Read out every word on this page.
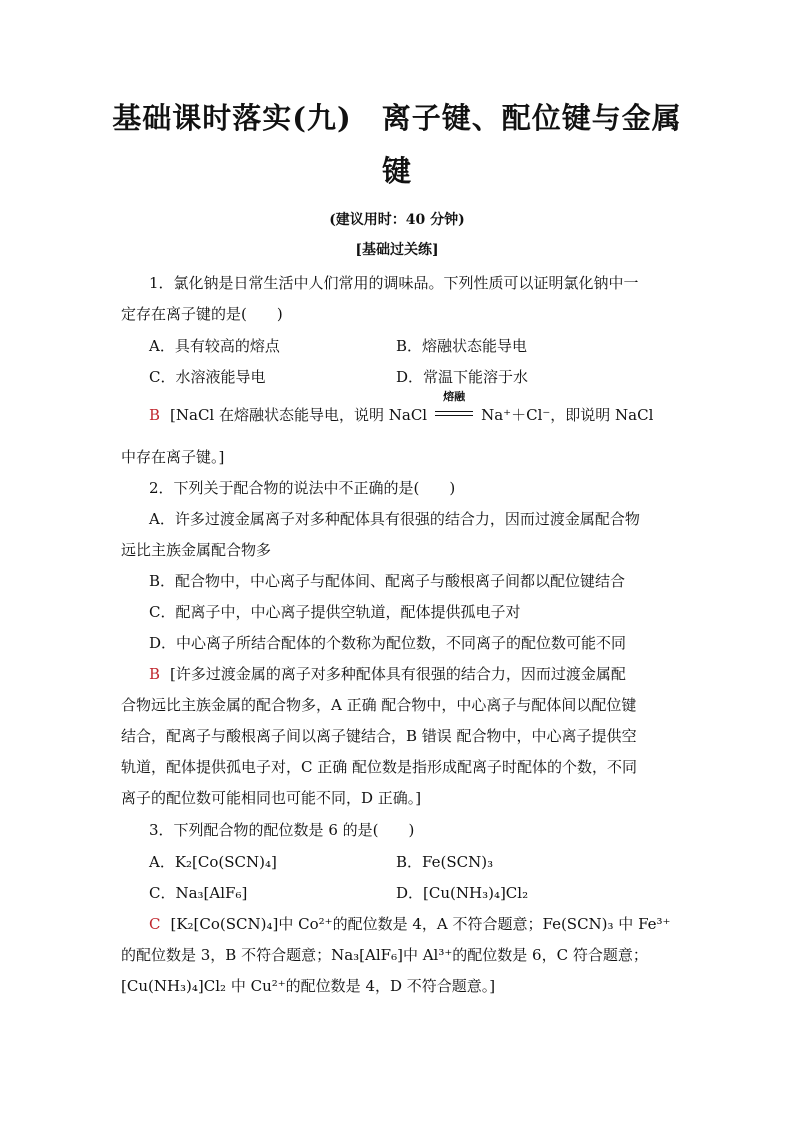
基础课时落实(九)　离子键、配位键与金属键
(建议用时：40 分钟)
[基础过关练]
1．氯化钠是日常生活中人们常用的调味品。下列性质可以证明氯化钠中一
定存在离子键的是(　　)
A．具有较高的熔点	B．熔融状态能导电
C．水溶液能导电	D．常温下能溶于水
B [NaCl 在熔融状态能导电，说明 NaCl
熔融
Na⁺＋Cl⁻，即说明 NaCl
中存在离子键。]
2．下列关于配合物的说法中不正确的是(　　)
A．许多过渡金属离子对多种配体具有很强的结合力，因而过渡金属配合物
远比主族金属配合物多
B．配合物中，中心离子与配体间、配离子与酸根离子间都以配位键结合
C．配离子中，中心离子提供空轨道，配体提供孤电子对
D．中心离子所结合配体的个数称为配位数，不同离子的配位数可能不同
B [许多过渡金属的离子对多种配体具有很强的结合力，因而过渡金属配
合物远比主族金属的配合物多，A 正确 配合物中，中心离子与配体间以配位键
结合，配离子与酸根离子间以离子键结合，B 错误 配合物中，中心离子提供空
轨道，配体提供孤电子对，C 正确 配位数是指形成配离子时配体的个数，不同
离子的配位数可能相同也可能不同，D 正确。]
3．下列配合物的配位数是 6 的是(　　)
A．K₂[Co(SCN)₄]	B．Fe(SCN)₃
C．Na₃[AlF₆]	D．[Cu(NH₃)₄]Cl₂
C [K₂[Co(SCN)₄]中 Co²⁺的配位数是 4，A 不符合题意；Fe(SCN)₃ 中 Fe³⁺
的配位数是 3，B 不符合题意；Na₃[AlF₆]中 Al³⁺的配位数是 6，C 符合题意；
[Cu(NH₃)₄]Cl₂ 中 Cu²⁺的配位数是 4，D 不符合题意。]
